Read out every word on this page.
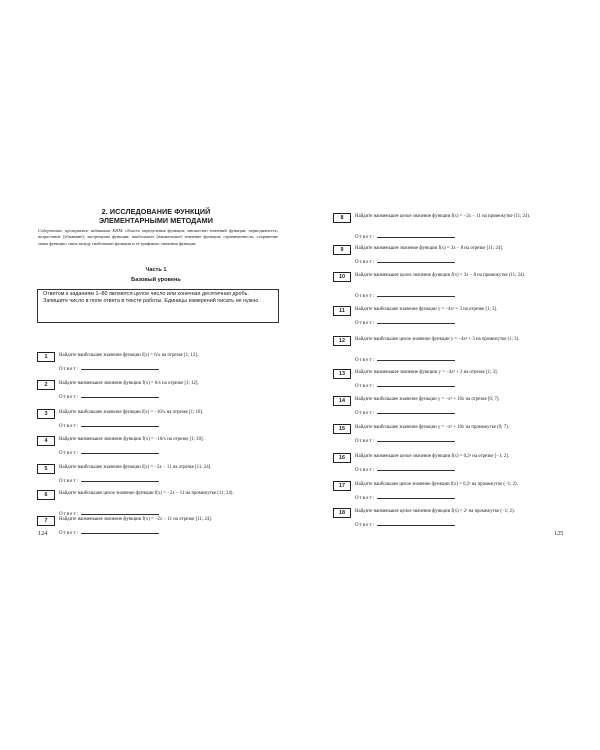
2. ИССЛЕДОВАНИЕ ФУНКЦИЙ
ЭЛЕМЕНТАРНЫМИ МЕТОДАМИ
Содержание, проверяемое заданиями КИМ: область определения функции; множество значений функции; периодичность; возрастание (убывание); экстремумы функции; наибольшее (наименьшее) значение функции; ограниченность; сохранение знака функции; связь между свойствами функции и её графиком; значения функции.
Часть 1
Базовый уровень
Ответом к заданиям 1–80 являются целое число или конечная десятичная дробь. Запишите число в поле ответа в тексте работы. Единицы измерений писать не нужно.
1	Найдите наибольшее значение функции f(x) = 6/x на отрезке [1; 12].
Ответ:
2	Найдите наименьшее значение функции f(x) = 6/x на отрезке [1; 12].
Ответ:
3	Найдите наибольшее значение функции f(x) = −10/x на отрезке [1; 10].
Ответ:
4	Найдите наименьшее значение функции f(x) = −10/x на отрезке [1; 10].
Ответ:
5	Найдите наибольшее значение функции f(x) = −2x − 11 на отрезке [11; 24].
Ответ:
6	Найдите наибольшее целое значение функции f(x) = −2x − 11 на промежутке (11; 24).
Ответ:
7	Найдите наименьшее значение функции f(x) = −2x − 11 на отрезке [11; 24].
Ответ:
124
8	Найдите наименьшее целое значение функции f(x) = −2x − 11 на промежутке (11; 24).
Ответ:
9	Найдите наименьшее значение функции f(x) = 3x − 8 на отрезке [11; 24].
Ответ:
10	Найдите наименьшее целое значение функции f(x) = 3x − 8 на промежутке (11; 24).
Ответ:
11	Найдите наибольшее значение функции y = −4x² + 3 на отрезке [1; 3].
Ответ:
12	Найдите наибольшее целое значение функции y = −4x² + 3 на промежутке (1; 3).
Ответ:
13	Найдите наименьшее значение функции y = −4x² + 3 на отрезке [1; 3].
Ответ:
14	Найдите наибольшее значение функции y = −x² + 10x на отрезке [0; 7].
Ответ:
15	Найдите наибольшее значение функции y = −x² + 10x на промежутке (0; 7).
Ответ:
16	Найдите наименьшее целое значение функции f(x) = 0,2ˣ на отрезке [−1; 2].
Ответ:
17	Найдите наибольшее целое значение функции f(x) = 0,2ˣ на промежутке (−1; 2).
Ответ:
18	Найдите наименьшее целое значение функции f(x) = 2ˣ на промежутке (−1; 2).
Ответ:
125
